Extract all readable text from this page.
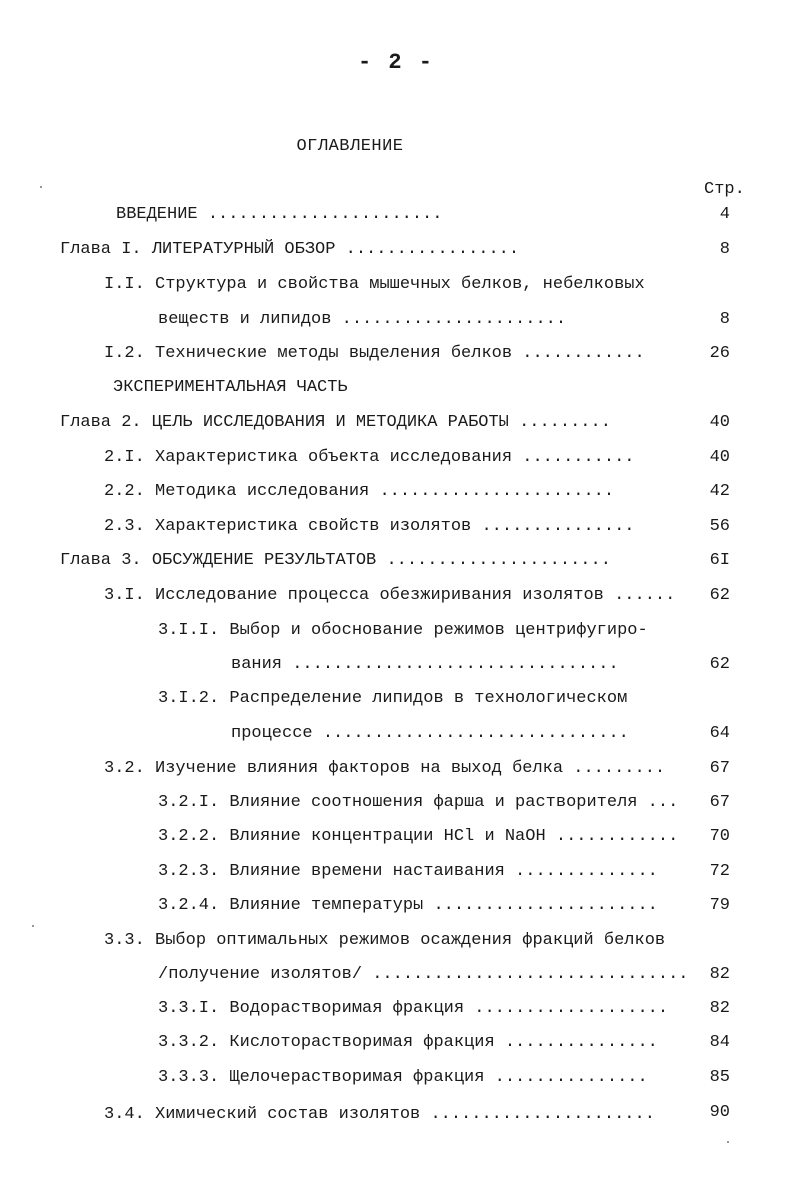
- 2 -
ОГЛАВЛЕНИЕ
Стр.
ВВЕДЕНИЕ .......................	4
Глава I. ЛИТЕРАТУРНЫЙ ОБЗОР .................	8
I.I. Структура и свойства мышечных белков, небелковых
веществ и липидов ......................	8
I.2. Технические методы выделения белков ............	26
ЭКСПЕРИМЕНТАЛЬНАЯ ЧАСТЬ
Глава 2. ЦЕЛЬ ИССЛЕДОВАНИЯ И МЕТОДИКА РАБОТЫ .........	40
2.I. Характеристика объекта исследования ...........	40
2.2. Методика исследования .......................	42
2.3. Характеристика свойств изолятов ...............	56
Глава 3. ОБСУЖДЕНИЕ РЕЗУЛЬТАТОВ ......................	6I
3.I. Исследование процесса обезжиривания изолятов ......	62
3.I.I. Выбор и обоснование режимов центрифугиро-
вания ................................	62
3.I.2. Распределение липидов в технологическом
процессе ..............................	64
3.2. Изучение влияния факторов на выход белка .........	67
3.2.I. Влияние соотношения фарша и растворителя ...	67
3.2.2. Влияние концентрации HCl и NaOH ............	70
3.2.3. Влияние времени настаивания ..............	72
3.2.4. Влияние температуры ......................	79
3.3. Выбор оптимальных режимов осаждения фракций белков
/получение изолятов/ ...............................	82
3.3.I. Водорастворимая фракция ...................	82
3.3.2. Кислоторастворимая фракция ...............	84
3.3.3. Щелочерастворимая фракция ...............	85
3.4. Химический состав изолятов ......................	90
